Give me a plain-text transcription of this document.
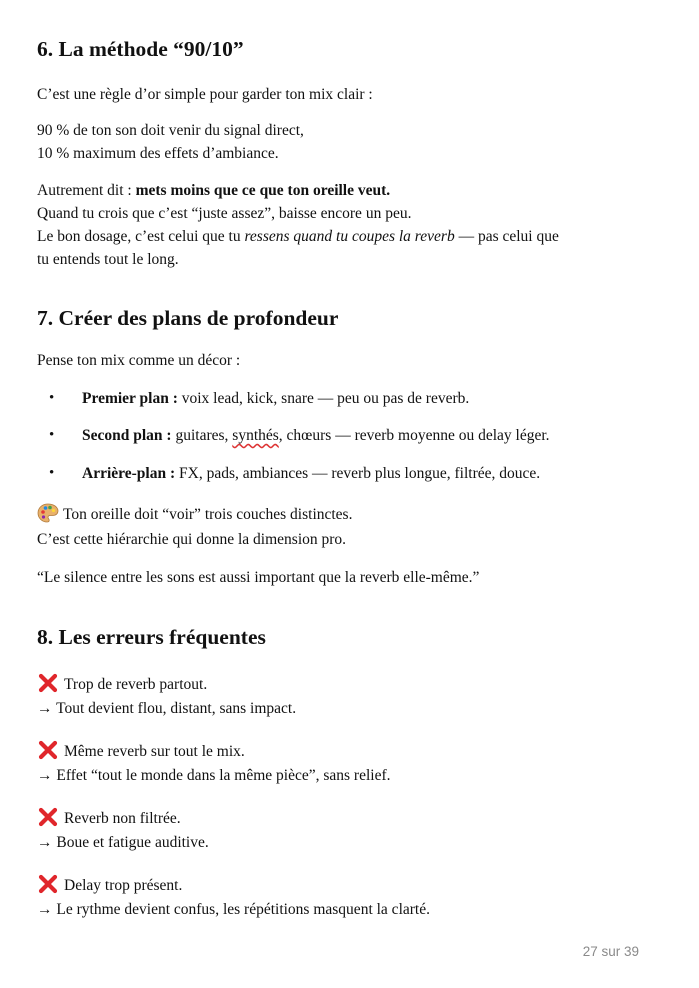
6. La méthode “90/10”

C’est une règle d’or simple pour garder ton mix clair :

90 % de ton son doit venir du signal direct,

10 % maximum des effets d’ambiance.

Autrement dit : mets moins que ce que ton oreille veut.

Quand tu crois que c’est “juste assez”, baisse encore un peu.

Le bon dosage, c’est celui que tu ressens quand tu coupes la reverb — pas celui que

tu entends tout le long.

7. Créer des plans de profondeur

Pense ton mix comme un décor :

• Premier plan : voix lead, kick, snare — peu ou pas de reverb.
• Second plan : guitares, synthés, chœurs — reverb moyenne ou delay léger.
• Arrière-plan : FX, pads, ambiances — reverb plus longue, filtrée, douce.

Ton oreille doit “voir” trois couches distinctes.

C’est cette hiérarchie qui donne la dimension pro.

“Le silence entre les sons est aussi important que la reverb elle-même.”

8. Les erreurs fréquentes

Trop de reverb partout.

→ Tout devient flou, distant, sans impact.

Même reverb sur tout le mix.

→ Effet “tout le monde dans la même pièce”, sans relief.

Reverb non filtrée.

→ Boue et fatigue auditive.

Delay trop présent.

→ Le rythme devient confus, les répétitions masquent la clarté.

27 sur 39
